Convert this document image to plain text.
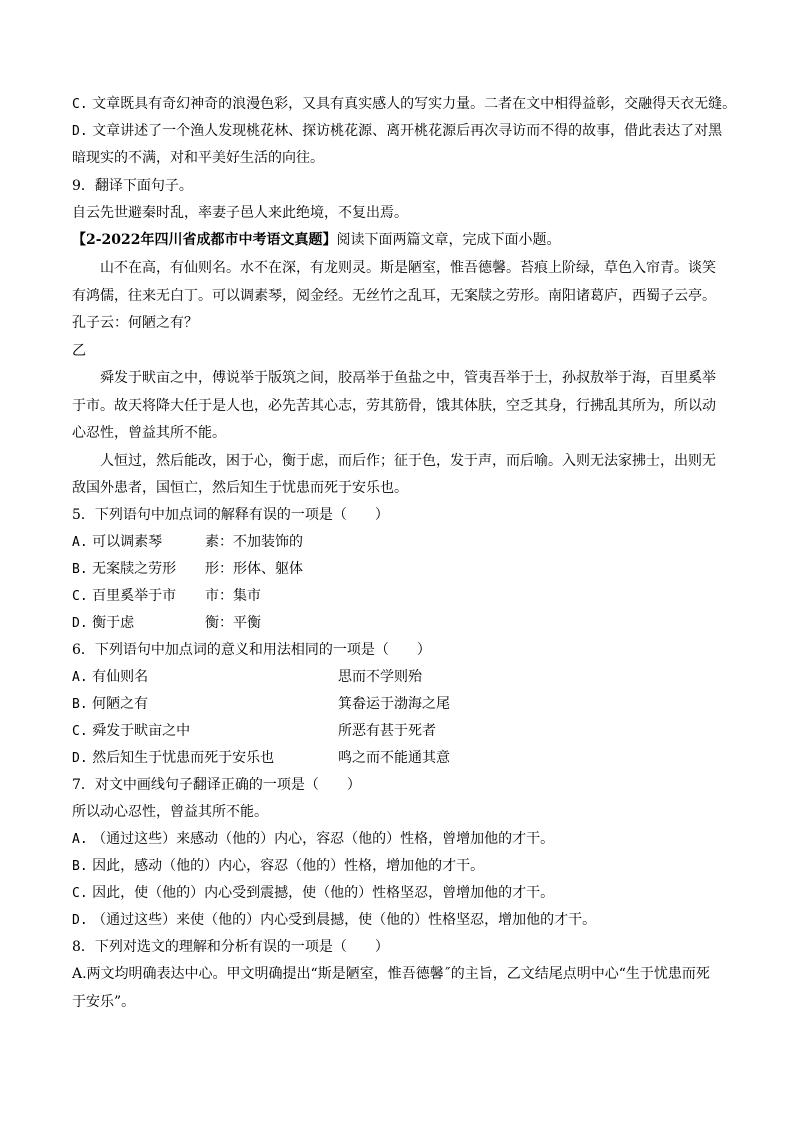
C. 文章既具有奇幻神奇的浪漫色彩，又具有真实感人的写实力量。二者在文中相得益彰，交融得天衣无缝。
D. 文章讲述了一个渔人发现桃花林、探访桃花源、离开桃花源后再次寻访而不得的故事，借此表达了对黑
暗现实的不满，对和平美好生活的向往。
9．翻译下面句子。
自云先世避秦时乱，率妻子邑人来此绝境，不复出焉。
【2-2022年四川省成都市中考语文真题】阅读下面两篇文章，完成下面小题。
山不在高，有仙则名。水不在深，有龙则灵。斯是陋室，惟吾德馨。苔痕上阶绿，草色入帘青。谈笑
有鸿儒，往来无白丁。可以调素琴，阅金经。无丝竹之乱耳，无案牍之劳形。南阳诸葛庐，西蜀子云亭。
孔子云：何陋之有？
乙
舜发于畎亩之中，傅说举于版筑之间，胶鬲举于鱼盐之中，管夷吾举于士，孙叔敖举于海，百里奚举
于市。故天将降大任于是人也，必先苦其心志，劳其筋骨，饿其体肤，空乏其身，行拂乱其所为，所以动
心忍性，曾益其所不能。
人恒过，然后能改，困于心，衡于虑，而后作；征于色，发于声，而后喻。入则无法家拂士，出则无
敌国外患者，国恒亡，然后知生于忧患而死于安乐也。
5．下列语句中加点词的解释有误的一项是（　　）
A. 可以调素琴	素：不加装饰的
B. 无案牍之劳形 形：形体、躯体
C. 百里奚举于市 市：集市
D. 衡于虑	衡：平衡
6．下列语句中加点词的意义和用法相同的一项是（　　）
A. 有仙则名	思而不学则殆
B. 何陋之有	箕畚运于渤海之尾
C. 舜发于畎亩之中	所恶有甚于死者
D. 然后知生于忧患而死于安乐也	鸣之而不能通其意
7．对文中画线句子翻译正确的一项是（　　）
所以动心忍性，曾益其所不能。
A. （通过这些）来感动（他的）内心，容忍（他的）性格，曾增加他的才干。
B. 因此，感动（他的）内心，容忍（他的）性格，增加他的才干。
C. 因此，使（他的）内心受到震撼，使（他的）性格坚忍，曾增加他的才干。
D. （通过这些）来使（他的）内心受到晨撼，使（他的）性格坚忍，增加他的才干。
8．下列对选文的理解和分析有误的一项是（　　）
A.两文均明确表达中心。甲文明确提出“斯是陋室，惟吾德馨˝的主旨，乙文结尾点明中心“生于忧患而死
于安乐”。
